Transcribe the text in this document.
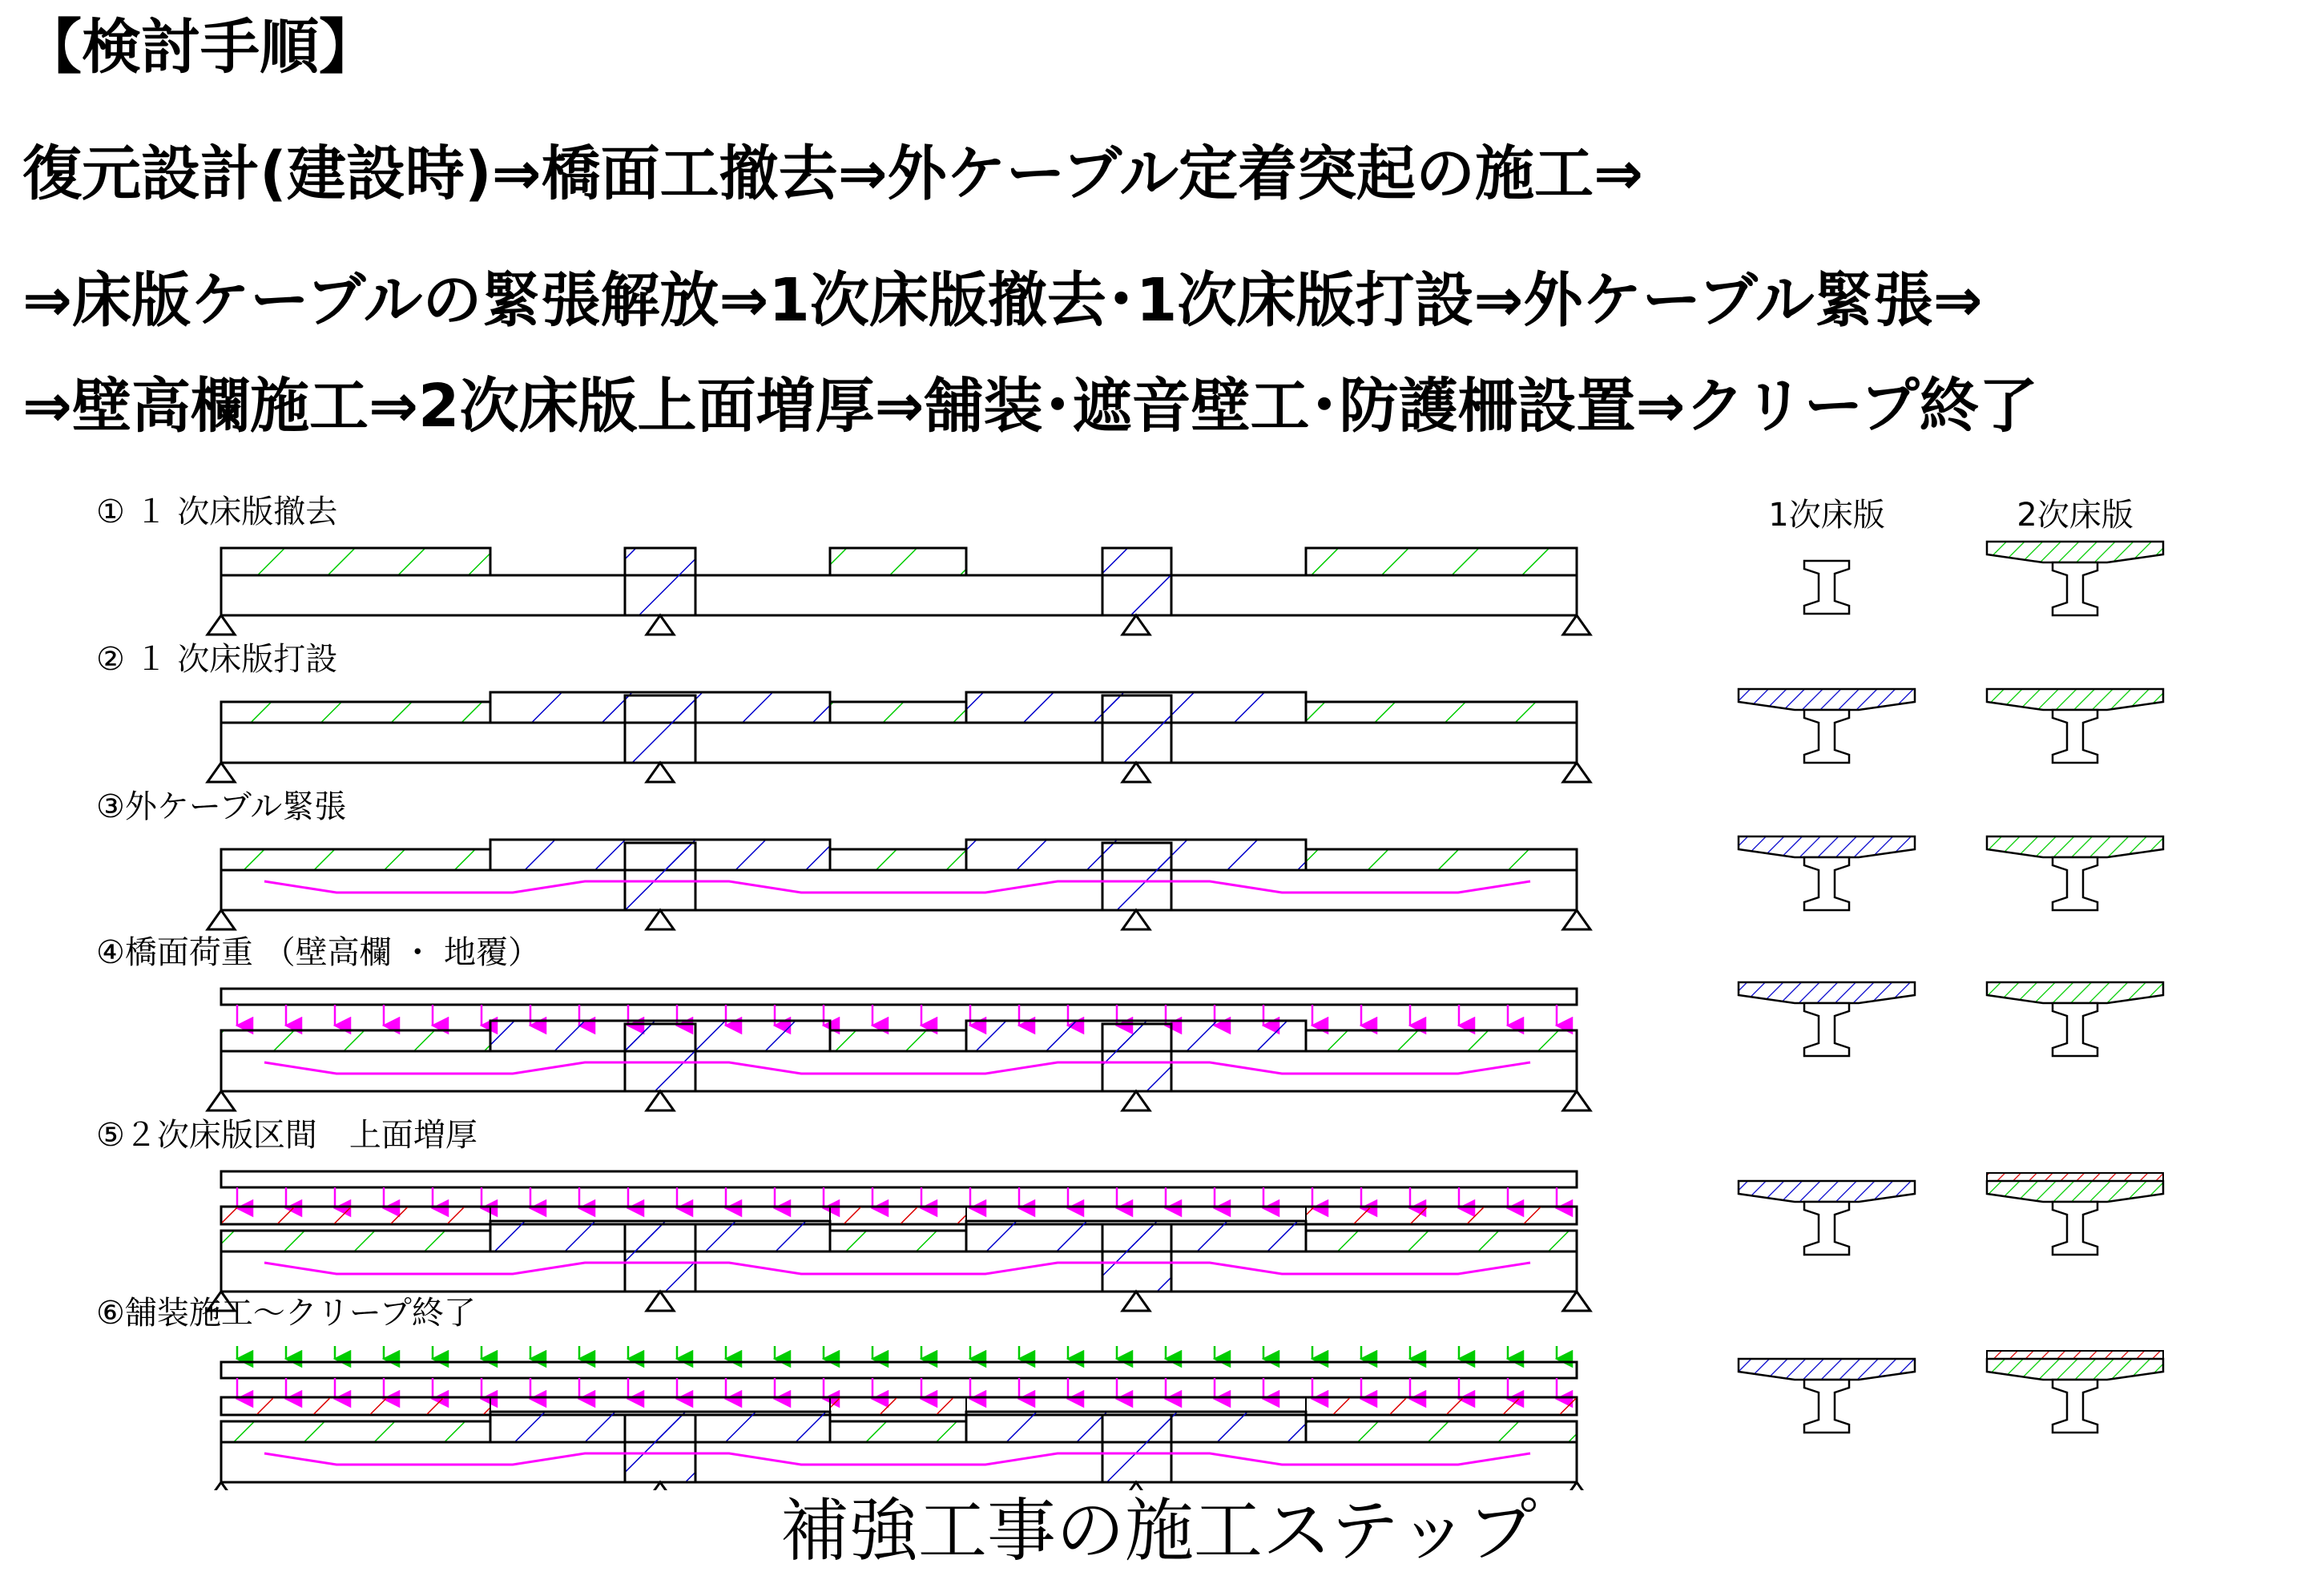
【検討手順】

復元設計(建設時)⇒橋面工撤去⇒外ケーブル定着突起の施工⇒

⇒床版ケーブルの緊張解放⇒1次床版撤去･1次床版打設⇒外ケーブル緊張⇒

⇒壁高欄施工⇒2次床版上面増厚⇒舗装･遮音壁工･防護柵設置⇒クリープ終了

1次床版	2次床版
① １ 次床版撤去
② １ 次床版打設
③外ケーブル緊張
④橋面荷重 （壁高欄 ・ 地覆）
⑤２次床版区間　上面増厚
⑥舗装施工～クリープ終了

補強工事の施工ステップ
